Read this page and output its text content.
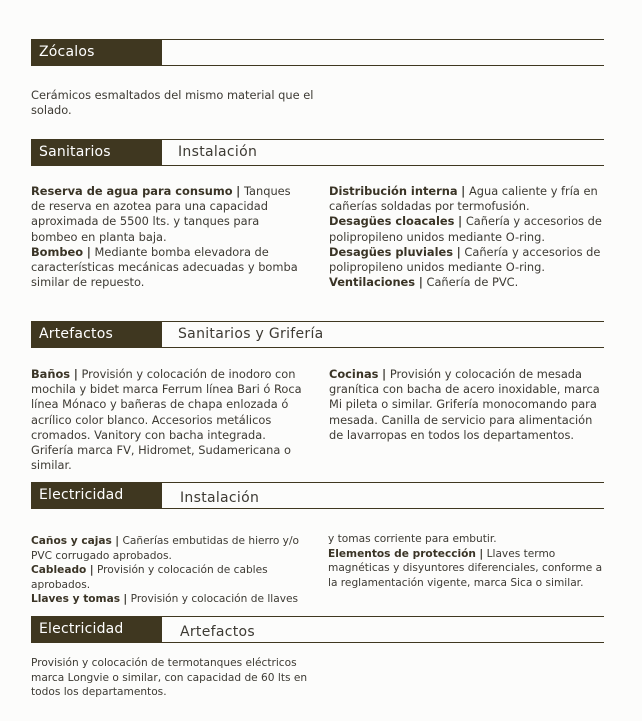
Zócalos
Cerámicos esmaltados del mismo material que el solado.
Sanitarios	Instalación
Reserva de agua para consumo | Tanques de reserva en azotea para una capacidad aproximada de 5500 lts. y tanques para bombeo en planta baja.
Bombeo | Mediante bomba elevadora de características mecánicas adecuadas y bomba similar de repuesto.
Distribución interna | Agua caliente y fría en cañerías soldadas por termofusión.
Desagües cloacales | Cañería y accesorios de polipropileno unidos mediante O-ring.
Desagües pluviales | Cañería y accesorios de polipropileno unidos mediante O-ring.
Ventilaciones | Cañería de PVC.
Artefactos	Sanitarios y Grifería
Baños | Provisión y colocación de inodoro con mochila y bidet marca Ferrum línea Bari ó Roca línea Mónaco y bañeras de chapa enlozada ó acrílico color blanco. Accesorios metálicos cromados. Vanitory con bacha integrada. Grifería marca FV, Hidromet, Sudamericana o similar.
Cocinas | Provisión y colocación de mesada granítica con bacha de acero inoxidable, marca Mi pileta o similar. Grifería monocomando para mesada. Canilla de servicio para alimentación de lavarropas en todos los departamentos.
Electricidad	Instalación
Caños y cajas | Cañerías embutidas de hierro y/o PVC corrugado aprobados.
Cableado | Provisión y colocación de cables aprobados.
Llaves y tomas | Provisión y colocación de llaves
y tomas corriente para embutir.
Elementos de protección | Llaves termo magnéticas y disyuntores diferenciales, conforme a la reglamentación vigente, marca Sica o similar.
Electricidad	Artefactos
Provisión y colocación de termotanques eléctricos marca Longvie o similar, con capacidad de 60 lts en todos los departamentos.
